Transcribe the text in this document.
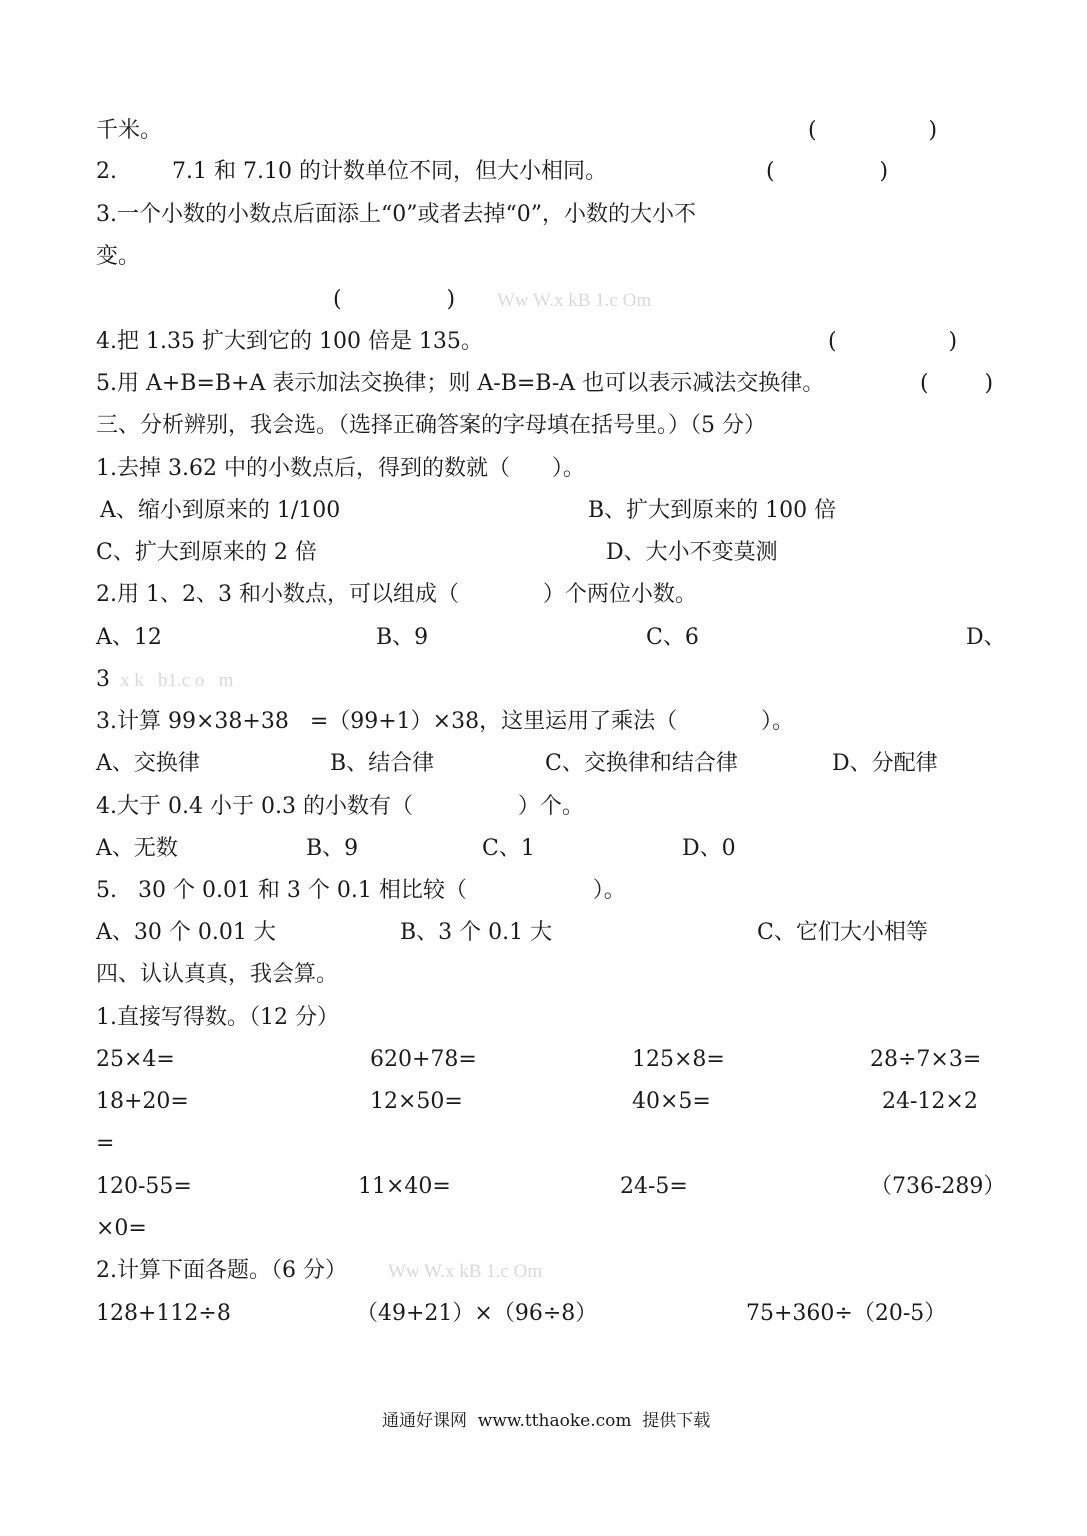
千米。	(                )
2.	7.1 和 7.10 的计数单位不同，但大小相同。	(               )
3.一个小数的小数点后面添上“0”或者去掉“0”，小数的大小不
变。
(               ) Ww W.x kB 1.c Om
4.把 1.35 扩大到它的 100 倍是 135。	(                )
5.用 A+B=B+A 表示加法交换律；则 A-B=B-A 也可以表示减法交换律。	(        )
三、分析辨别，我会选。（选择正确答案的字母填在括号里。）（5 分）
1.去掉 3.62 中的小数点后，得到的数就（      ）。
A、缩小到原来的 1/100	B、扩大到原来的 100 倍
C、扩大到原来的 2 倍	D、大小不变莫测
2.用 1、2、3 和小数点，可以组成（            ）个两位小数。
A、12	B、9	C、6	D、
3 x k   b1.c o   m
3.计算 99×38+38   =（99+1）×38，这里运用了乘法（            ）。
A、交换律	B、结合律	C、交换律和结合律	D、分配律
4.大于 0.4 小于 0.3 的小数有（               ）个。
A、无数	B、9	C、1	D、0
5.   30 个 0.01 和 3 个 0.1 相比较（                  ）。
A、30 个 0.01 大	B、3 个 0.1 大	C、它们大小相等
四、认认真真，我会算。
1.直接写得数。（12 分）
25×4=	620+78=	125×8=	28÷7×3=
18+20=	12×50=	40×5=	24-12×2
=
120-55=	11×40=	24-5=	（736-289）
×0=
2.计算下面各题。（6 分） Ww W.x kB 1.c Om
128+112÷8	（49+21）×（96÷8）	75+360÷（20-5）
通通好课网  www.tthaoke.com  提供下载
